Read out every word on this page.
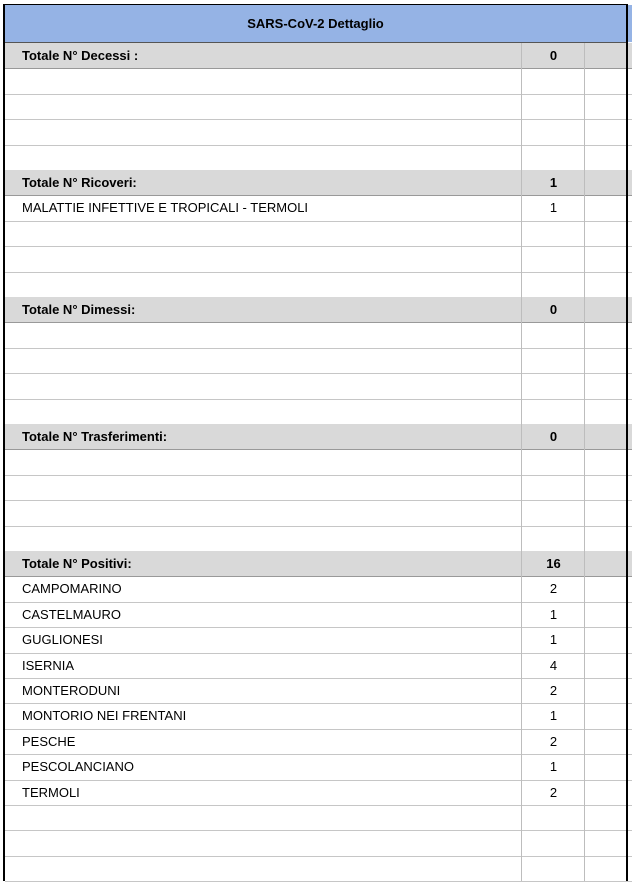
SARS-CoV-2 Dettaglio
Totale N° Decessi :	0
Totale N° Ricoveri:	1
MALATTIE INFETTIVE E TROPICALI - TERMOLI	1
Totale N° Dimessi:	0
Totale N° Trasferimenti:	0
Totale N° Positivi:	16
CAMPOMARINO	2
CASTELMAURO	1
GUGLIONESI	1
ISERNIA	4
MONTERODUNI	2
MONTORIO NEI FRENTANI	1
PESCHE	2
PESCOLANCIANO	1
TERMOLI	2
